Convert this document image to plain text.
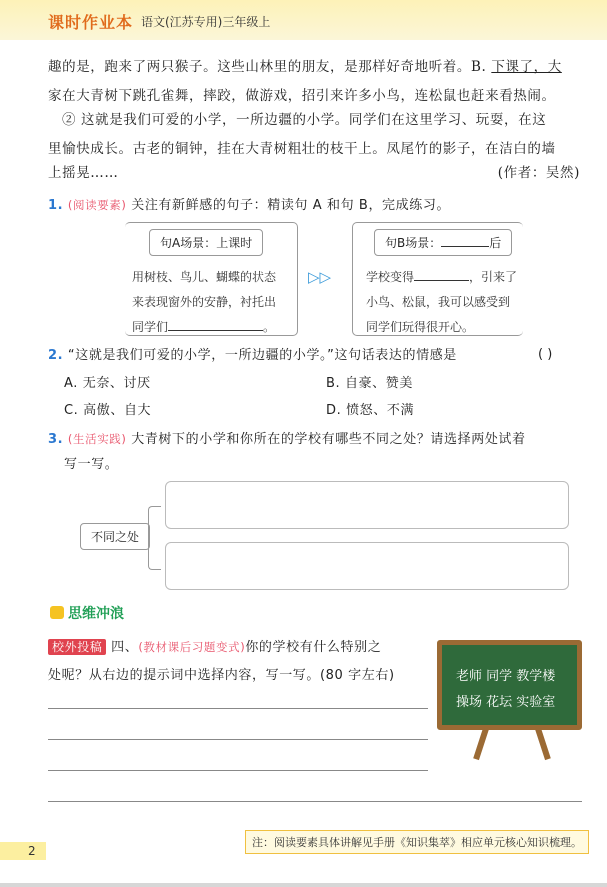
课时作业本 语文(江苏专用)三年级上
趣的是，跑来了两只猴子。这些山林里的朋友，是那样好奇地听着。B. 下课了，大
家在大青树下跳孔雀舞，摔跤，做游戏，招引来许多小鸟，连松鼠也赶来看热闹。
② 这就是我们可爱的小学，一所边疆的小学。同学们在这里学习、玩耍，在这
里愉快成长。古老的铜钟，挂在大青树粗壮的枝干上。凤尾竹的影子，在洁白的墙
上摇晃……	(作者：吴然)
1. (阅读要素) 关注有新鲜感的句子：精读句 A 和句 B，完成练习。
句A场景：上课时
用树枝、鸟儿、蝴蝶的状态
来表现窗外的安静，衬托出
同学们	。
▷▷
句B场景：	后
学校变得	，引来了
小鸟、松鼠，我可以感受到
同学们玩得很开心。
2. “这就是我们可爱的小学，一所边疆的小学。”这句话表达的情感是	( )
A. 无奈、讨厌	B. 自豪、赞美
C. 高傲、自大	D. 愤怒、不满
3. (生活实践) 大青树下的小学和你所在的学校有哪些不同之处？请选择两处试着
写一写。
不同之处
思维冲浪
校外投稿 四、(教材课后习题变式)你的学校有什么特别之
处呢？从右边的提示词中选择内容，写一写。(80 字左右)	老师 同学 教学楼
操场 花坛 实验室
注：阅读要素具体讲解见手册《知识集萃》相应单元核心知识梳理。
2
